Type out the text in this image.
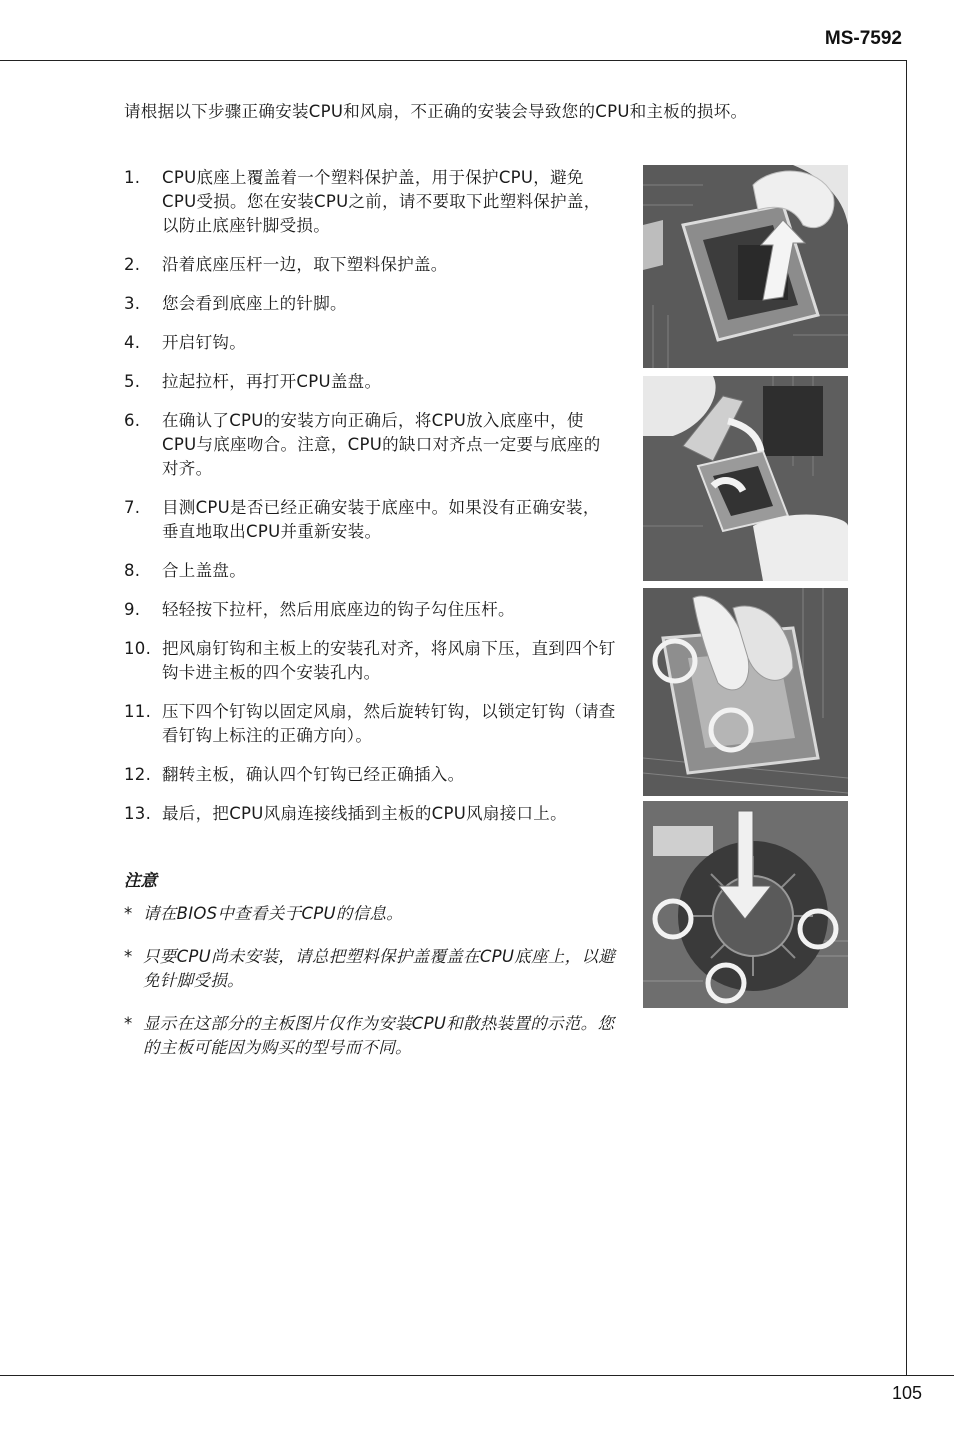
MS-7592
请根据以下步骤正确安装CPU和风扇，不正确的安装会导致您的CPU和主板的损坏。
1.	CPU底座上覆盖着一个塑料保护盖，用于保护CPU，避免CPU受损。您在安装CPU之前，请不要取下此塑料保护盖，以防止底座针脚受损。
2.	沿着底座压杆一边，取下塑料保护盖。
3.	您会看到底座上的针脚。
4.	开启钉钩。
5.	拉起拉杆，再打开CPU盖盘。
6.	在确认了CPU的安装方向正确后，将CPU放入底座中，使CPU与底座吻合。注意，CPU的缺口对齐点一定要与底座的对齐。
7.	目测CPU是否已经正确安装于底座中。如果没有正确安装，垂直地取出CPU并重新安装。
8.	合上盖盘。
9.	轻轻按下拉杆，然后用底座边的钩子勾住压杆。
10. 把风扇钉钩和主板上的安装孔对齐，将风扇下压，直到四个钉钩卡进主板的四个安装孔内。
11. 压下四个钉钩以固定风扇，然后旋转钉钩，以锁定钉钩（请查看钉钩上标注的正确方向）。
12. 翻转主板，确认四个钉钩已经正确插入。
13. 最后，把CPU风扇连接线插到主板的CPU风扇接口上。
注意
* 请在BIOS中查看关于CPU的信息。
* 只要CPU尚未安装，请总把塑料保护盖覆盖在CPU底座上，以避免针脚受损。
* 显示在这部分的主板图片仅作为安装CPU和散热装置的示范。您的主板可能因为购买的型号而不同。
105
